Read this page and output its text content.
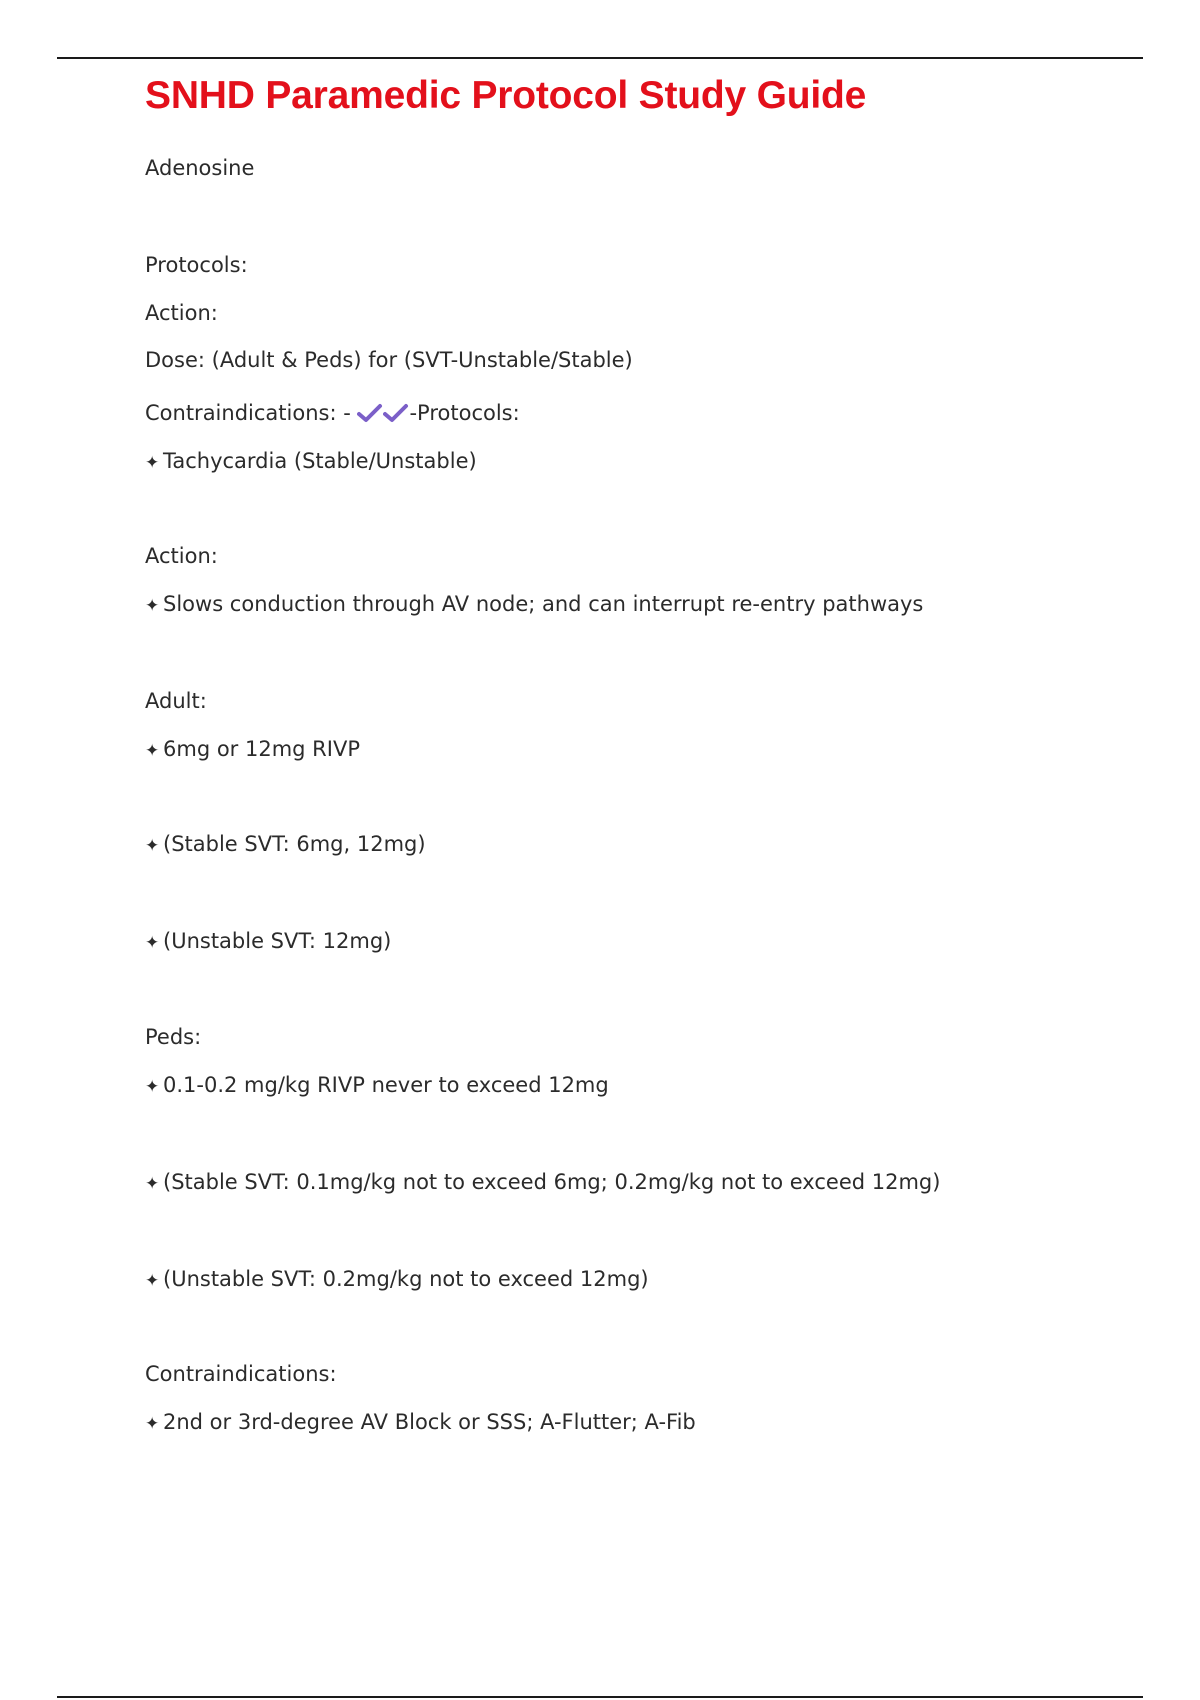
SNHD Paramedic Protocol Study Guide
Adenosine
Protocols:
Action:
Dose: (Adult & Peds) for (SVT-Unstable/Stable)
Contraindications: -	-Protocols:
✦ Tachycardia (Stable/Unstable)
Action:
✦ Slows conduction through AV node; and can interrupt re-entry pathways
Adult:
✦ 6mg or 12mg RIVP
✦ (Stable SVT: 6mg, 12mg)
✦ (Unstable SVT: 12mg)
Peds:
✦ 0.1-0.2 mg/kg RIVP never to exceed 12mg
✦ (Stable SVT: 0.1mg/kg not to exceed 6mg; 0.2mg/kg not to exceed 12mg)
✦ (Unstable SVT: 0.2mg/kg not to exceed 12mg)
Contraindications:
✦ 2nd or 3rd-degree AV Block or SSS; A-Flutter; A-Fib
